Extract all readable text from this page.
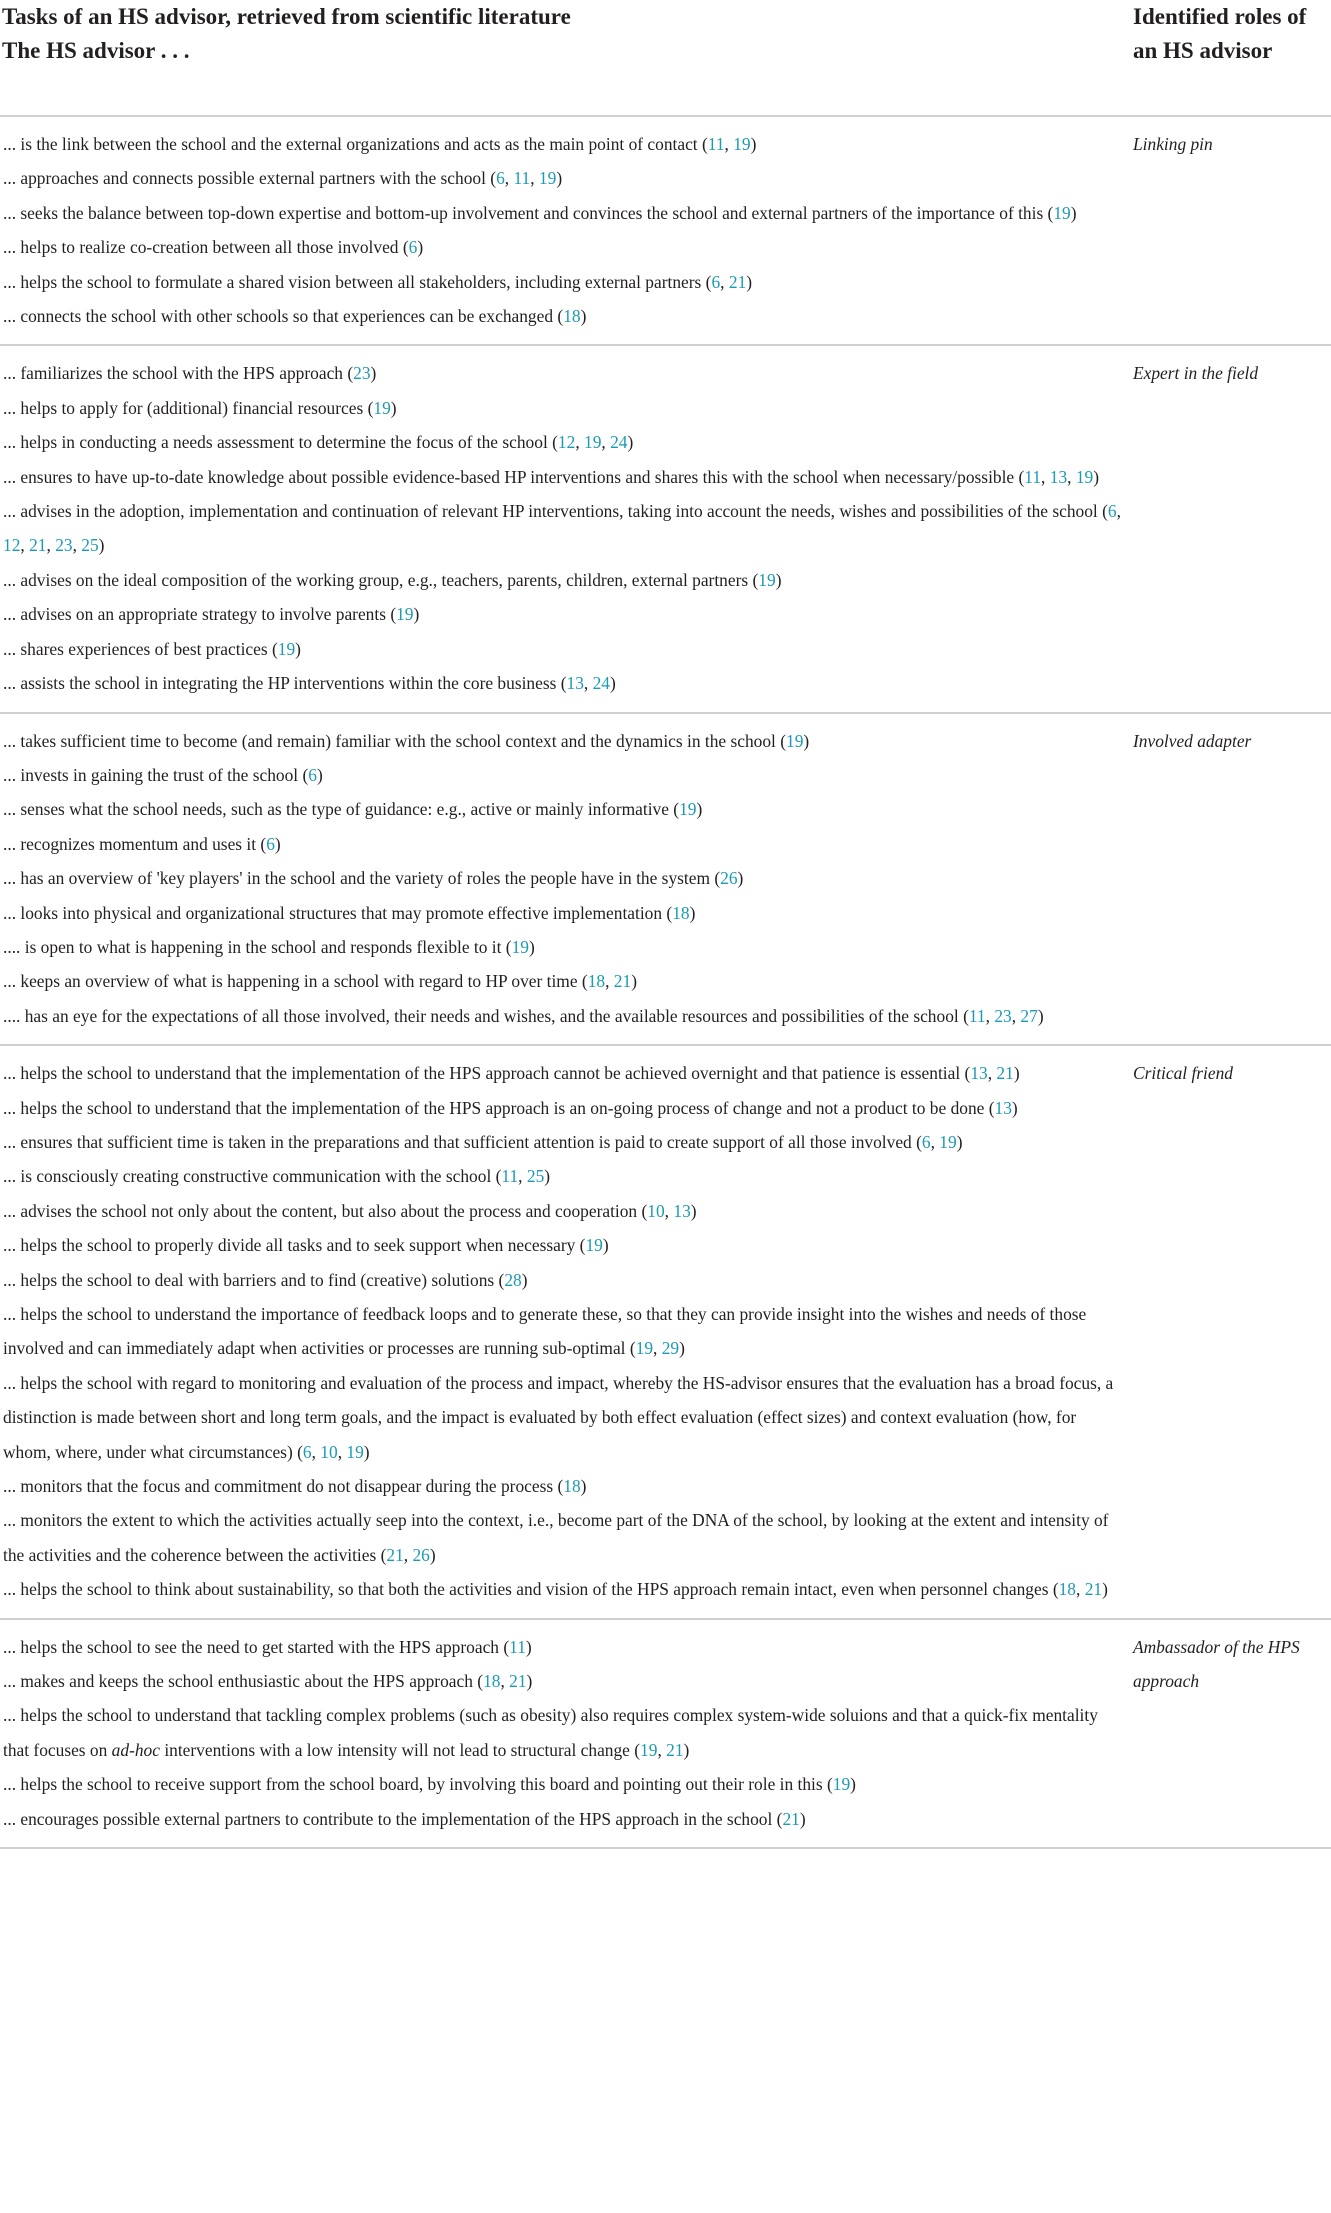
Tasks of an HS advisor, retrieved from scientific literature
The HS advisor . . .
Identified roles of
an HS advisor
... is the link between the school and the external organizations and acts as the main point of contact (11, 19)
... approaches and connects possible external partners with the school (6, 11, 19)
... seeks the balance between top-down expertise and bottom-up involvement and convinces the school and external partners of the importance of this (19)
... helps to realize co-creation between all those involved (6)
... helps the school to formulate a shared vision between all stakeholders, including external partners (6, 21)
... connects the school with other schools so that experiences can be exchanged (18)
Linking pin
... familiarizes the school with the HPS approach (23)
... helps to apply for (additional) financial resources (19)
... helps in conducting a needs assessment to determine the focus of the school (12, 19, 24)
... ensures to have up-to-date knowledge about possible evidence-based HP interventions and shares this with the school when necessary/possible (11, 13, 19)
... advises in the adoption, implementation and continuation of relevant HP interventions, taking into account the needs, wishes and possibilities of the school (6, 12, 21, 23, 25)
... advises on the ideal composition of the working group, e.g., teachers, parents, children, external partners (19)
... advises on an appropriate strategy to involve parents (19)
... shares experiences of best practices (19)
... assists the school in integrating the HP interventions within the core business (13, 24)
Expert in the field
... takes sufficient time to become (and remain) familiar with the school context and the dynamics in the school (19)
... invests in gaining the trust of the school (6)
... senses what the school needs, such as the type of guidance: e.g., active or mainly informative (19)
... recognizes momentum and uses it (6)
... has an overview of 'key players' in the school and the variety of roles the people have in the system (26)
... looks into physical and organizational structures that may promote effective implementation (18)
.... is open to what is happening in the school and responds flexible to it (19)
... keeps an overview of what is happening in a school with regard to HP over time (18, 21)
.... has an eye for the expectations of all those involved, their needs and wishes, and the available resources and possibilities of the school (11, 23, 27)
Involved adapter
... helps the school to understand that the implementation of the HPS approach cannot be achieved overnight and that patience is essential (13, 21)
... helps the school to understand that the implementation of the HPS approach is an on-going process of change and not a product to be done (13)
... ensures that sufficient time is taken in the preparations and that sufficient attention is paid to create support of all those involved (6, 19)
... is consciously creating constructive communication with the school (11, 25)
... advises the school not only about the content, but also about the process and cooperation (10, 13)
... helps the school to properly divide all tasks and to seek support when necessary (19)
... helps the school to deal with barriers and to find (creative) solutions (28)
... helps the school to understand the importance of feedback loops and to generate these, so that they can provide insight into the wishes and needs of those involved and can immediately adapt when activities or processes are running sub-optimal (19, 29)
... helps the school with regard to monitoring and evaluation of the process and impact, whereby the HS-advisor ensures that the evaluation has a broad focus, a distinction is made between short and long term goals, and the impact is evaluated by both effect evaluation (effect sizes) and context evaluation (how, for whom, where, under what circumstances) (6, 10, 19)
... monitors that the focus and commitment do not disappear during the process (18)
... monitors the extent to which the activities actually seep into the context, i.e., become part of the DNA of the school, by looking at the extent and intensity of the activities and the coherence between the activities (21, 26)
... helps the school to think about sustainability, so that both the activities and vision of the HPS approach remain intact, even when personnel changes (18, 21)
Critical friend
... helps the school to see the need to get started with the HPS approach (11)
... makes and keeps the school enthusiastic about the HPS approach (18, 21)
... helps the school to understand that tackling complex problems (such as obesity) also requires complex system-wide soluions and that a quick-fix mentality that focuses on ad-hoc interventions with a low intensity will not lead to structural change (19, 21)
... helps the school to receive support from the school board, by involving this board and pointing out their role in this (19)
... encourages possible external partners to contribute to the implementation of the HPS approach in the school (21)
Ambassador of the HPS approach
